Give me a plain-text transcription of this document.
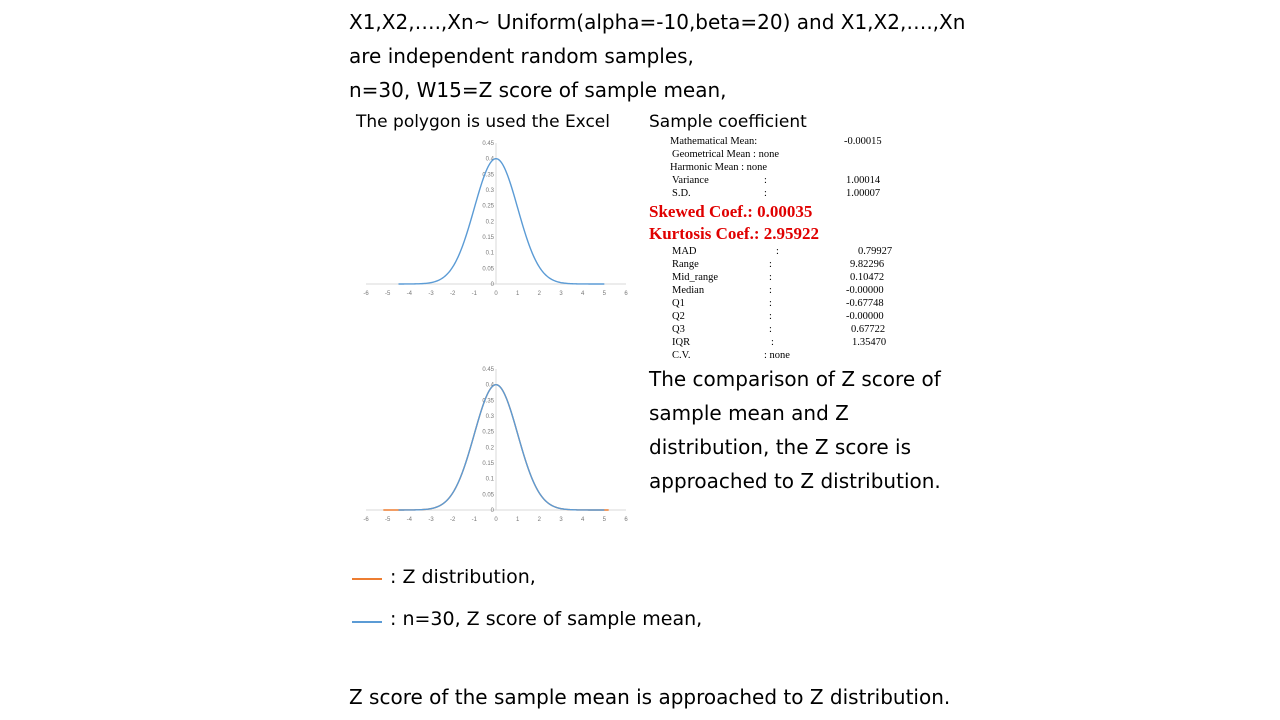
X1,X2,….,Xn~ Uniform(alpha=-10,beta=20) and X1,X2,….,Xn
are independent random samples,
n=30, W15=Z score of sample mean,
The polygon is used the Excel
-6	-5	-4	-3	-2	-1	0	1	2	3	4	5	6
0
0.05
0.1
0.15
0.2
0.25
0.3
0.35
0.4
0.45
-6	-5	-4	-3	-2	-1	0	1	2	3	4	5	6
0
0.05
0.1
0.15
0.2
0.25
0.3
0.35
0.4
0.45
Sample coefficient
Mathematical Mean:	-0.00015
Geometrical Mean : none
Harmonic Mean : none
Variance	:	1.00014
S.D.	:	1.00007
Skewed Coef.: 0.00035
Kurtosis Coef.: 2.95922
MAD	:	0.79927
Range	:	9.82296
Mid_range	:	0.10472
Median	:	-0.00000
Q1	:	-0.67748
Q2	:	-0.00000
Q3	:	0.67722
IQR	:	1.35470
C.V.	: none
The comparison of Z score of
sample mean and Z
distribution, the Z score is
approached to Z distribution.
: Z distribution,
: n=30, Z score of sample mean,
Z score of the sample mean is approached to Z distribution.
